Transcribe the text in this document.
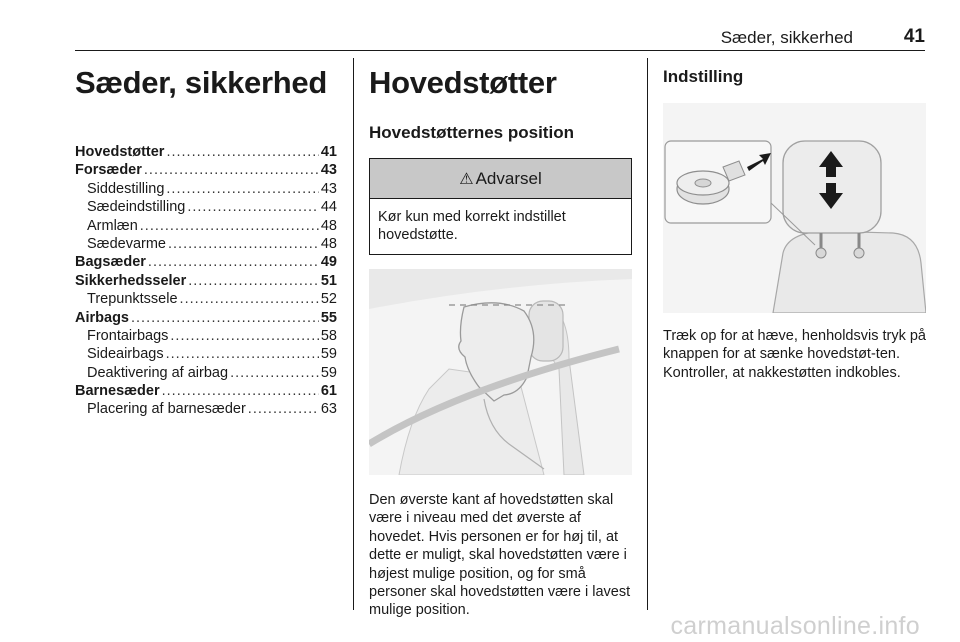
Sæder, sikkerhed	41
Sæder, sikkerhed
Hovedstøtter .....	41
Forsæder .....	43
Siddestilling .....	43
Sædeindstilling .....	44
Armlæn .....	48
Sædevarme .....	48
Bagsæder .....	49
Sikkerhedsseler .....	51
Trepunktssele .....	52
Airbags .....	55
Frontairbags .....	58
Sideairbags .....	59
Deaktivering af airbag .....	59
Barnesæder .....	61
Placering af barnesæder .....	63
Hovedstøtter
Hovedstøtternes position
⚠ Advarsel
Kør kun med korrekt indstillet hovedstøtte.
Den øverste kant af hovedstøtten skal være i niveau med det øverste af hovedet. Hvis personen er for høj til, at dette er muligt, skal hovedstøtten være i højest mulige position, og for små personer skal hovedstøtten være i lavest mulige position.
Indstilling
Træk op for at hæve, henholdsvis tryk på knappen for at sænke hovedstøt-ten. Kontroller, at nakkestøtten indkobles.
carmanualsonline.info
